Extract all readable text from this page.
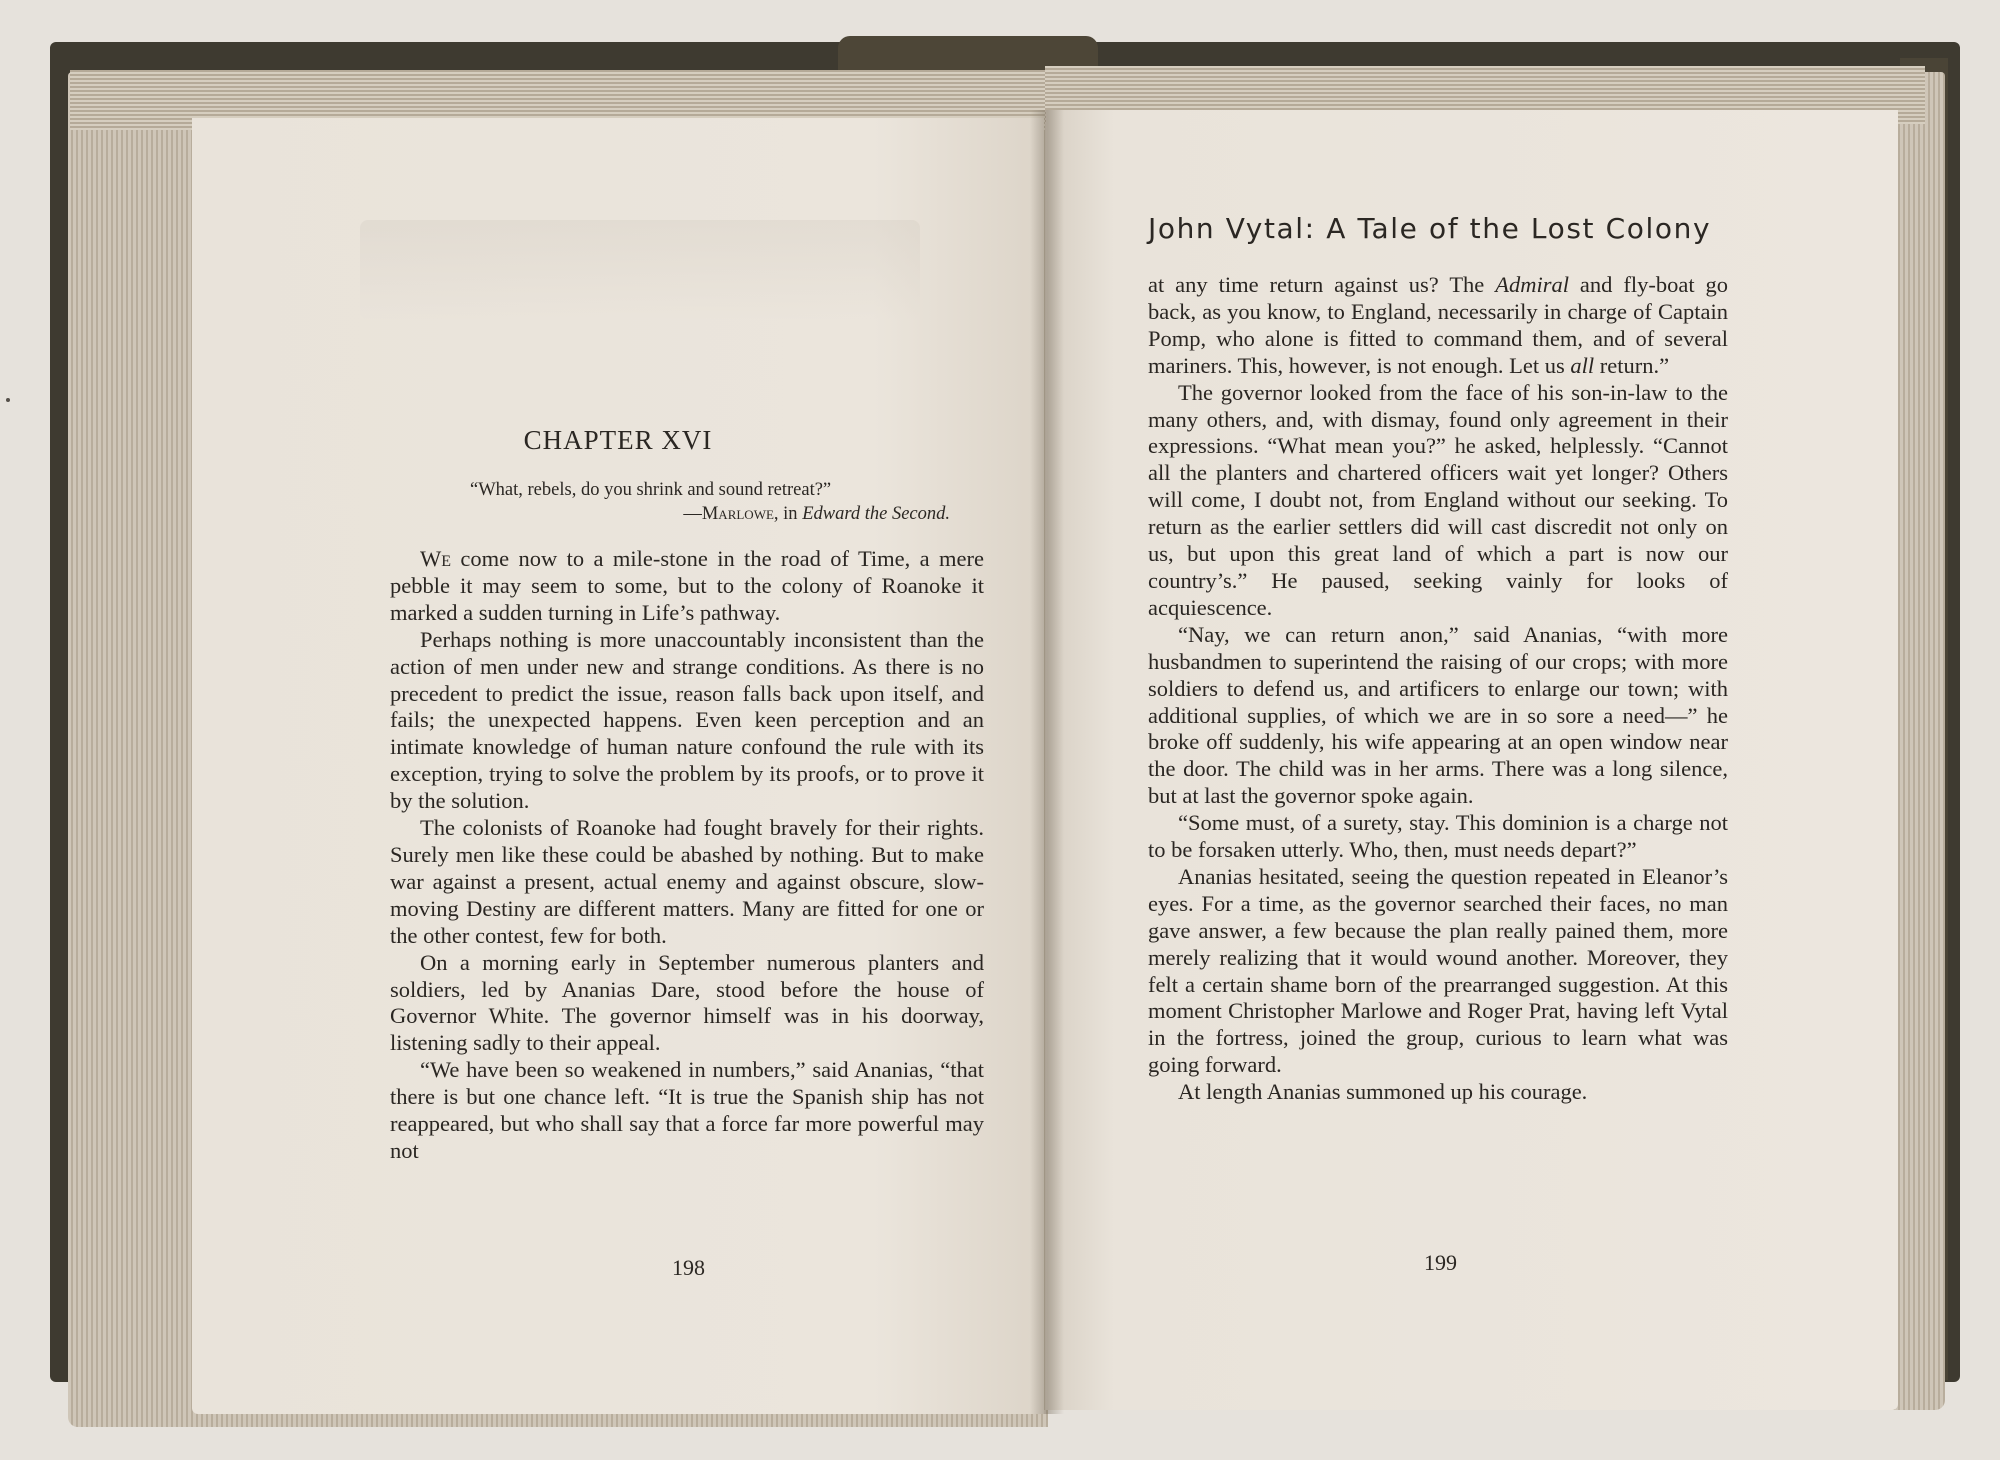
CHAPTER XVI
“What, rebels, do you shrink and sound retreat?”
—Marlowe, in Edward the Second.

We come now to a mile-stone in the road of Time, a mere pebble it may seem to some, but to the colony of Roanoke it marked a sudden turning in Life’s pathway.

Perhaps nothing is more unaccountably inconsistent than the action of men under new and strange conditions. As there is no precedent to predict the issue, reason falls back upon itself, and fails; the unexpected happens. Even keen perception and an intimate knowledge of human nature confound the rule with its exception, trying to solve the problem by its proofs, or to prove it by the solution.

The colonists of Roanoke had fought bravely for their rights. Surely men like these could be abashed by nothing. But to make war against a present, actual enemy and against obscure, slow-moving Destiny are different matters. Many are fitted for one or the other contest, few for both.

On a morning early in September numerous planters and soldiers, led by Ananias Dare, stood before the house of Governor White. The governor himself was in his doorway, listening sadly to their appeal.

“We have been so weakened in numbers,” said Ananias, “that there is but one chance left. “It is true the Spanish ship has not reappeared, but who shall say that a force far more powerful may not

198
John Vytal: A Tale of the Lost Colony

at any time return against us? The Admiral and fly-boat go back, as you know, to England, necessarily in charge of Captain Pomp, who alone is fitted to command them, and of several mariners. This, however, is not enough. Let us all return.”

The governor looked from the face of his son-in-law to the many others, and, with dismay, found only agreement in their expressions. “What mean you?” he asked, helplessly. “Cannot all the planters and chartered officers wait yet longer? Others will come, I doubt not, from England without our seeking. To return as the earlier settlers did will cast discredit not only on us, but upon this great land of which a part is now our country’s.” He paused, seeking vainly for looks of acquiescence.

“Nay, we can return anon,” said Ananias, “with more husbandmen to superintend the raising of our crops; with more soldiers to defend us, and artificers to enlarge our town; with additional supplies, of which we are in so sore a need—” he broke off suddenly, his wife appearing at an open window near the door. The child was in her arms. There was a long silence, but at last the governor spoke again.

“Some must, of a surety, stay. This dominion is a charge not to be forsaken utterly. Who, then, must needs depart?”

Ananias hesitated, seeing the question repeated in Eleanor’s eyes. For a time, as the governor searched their faces, no man gave answer, a few because the plan really pained them, more merely realizing that it would wound another. Moreover, they felt a certain shame born of the prearranged suggestion. At this moment Christopher Marlowe and Roger Prat, having left Vytal in the fortress, joined the group, curious to learn what was going forward.

At length Ananias summoned up his courage.

199
